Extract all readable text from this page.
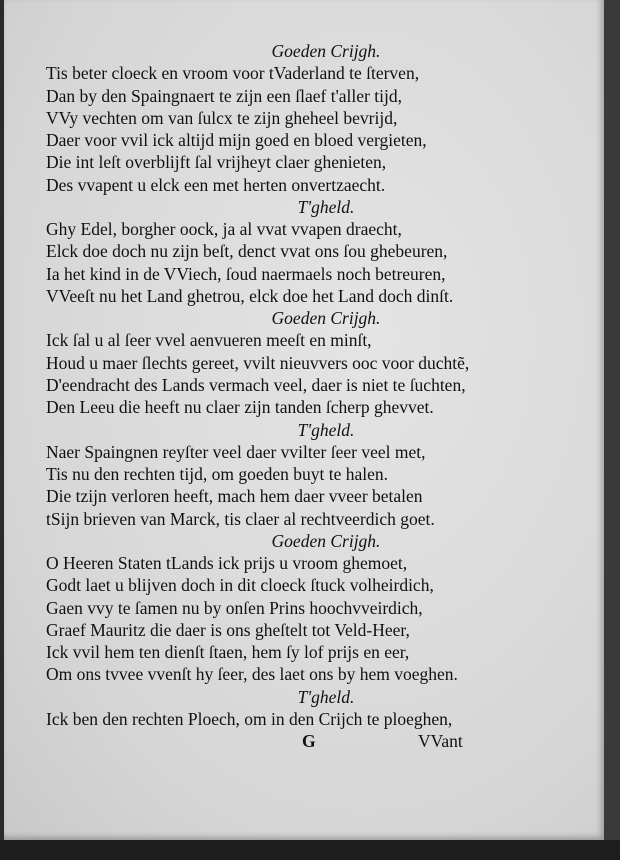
Goeden Crijgh.
Tis beter cloeck en vroom voor tVaderland te ſterven,
Dan by den Spaingnaert te zijn een ſlaef t'aller tijd,
VVy vechten om van ſulcx te zijn gheheel bevrijd,
Daer voor vvil ick altijd mijn goed en bloed vergieten,
Die int leſt overblijft ſal vrijheyt claer ghenieten,
Des vvapent u elck een met herten onvertzaecht.
T'gheld.
Ghy Edel, borgher oock, ja al vvat vvapen draecht,
Elck doe doch nu zijn beſt, denct vvat ons ſou ghebeuren,
Ia het kind in de VViech, ſoud naermaels noch betreuren,
VVeeſt nu het Land ghetrou, elck doe het Land doch dinſt.
Goeden Crijgh.
Ick ſal u al ſeer vvel aenvueren meeſt en minſt,
Houd u maer ſlechts gereet, vvilt nieuvvers ooc voor duchtẽ,
D'eendracht des Lands vermach veel, daer is niet te ſuchten,
Den Leeu die heeft nu claer zijn tanden ſcherp ghevvet.
T'gheld.
Naer Spaingnen reyſter veel daer vvilter ſeer veel met,
Tis nu den rechten tijd, om goeden buyt te halen.
Die tzijn verloren heeft, mach hem daer vveer betalen
tSijn brieven van Marck, tis claer al rechtveerdich goet.
Goeden Crijgh.
O Heeren Staten tLands ick prijs u vroom ghemoet,
Godt laet u blijven doch in dit cloeck ſtuck volheirdich,
Gaen vvy te ſamen nu by onſen Prins hoochvveirdich,
Graef Mauritz die daer is ons gheſtelt tot Veld-Heer,
Ick vvil hem ten dienſt ſtaen, hem ſy lof prijs en eer,
Om ons tvvee vvenſt hy ſeer, des laet ons by hem voeghen.
T'gheld.
Ick ben den rechten Ploech, om in den Crijch te ploeghen,
G	VVant
